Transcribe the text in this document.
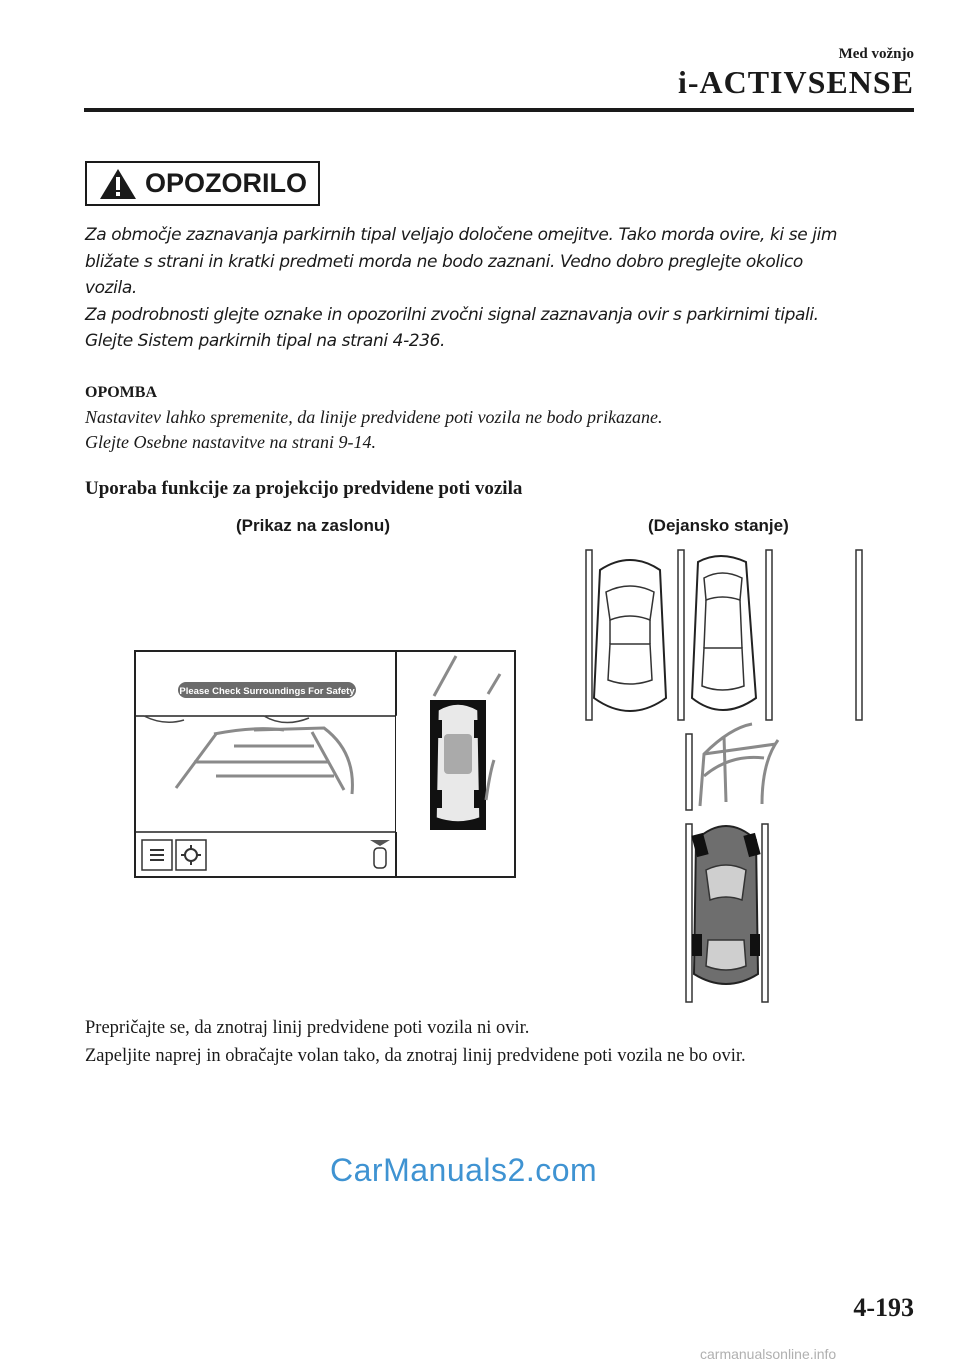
Med vožnjo
i-ACTIVSENSE
OPOZORILO

Za območje zaznavanja parkirnih tipal veljajo določene omejitve. Tako morda ovire, ki se jim

bližate s strani in kratki predmeti morda ne bodo zaznani. Vedno dobro preglejte okolico

vozila.

Za podrobnosti glejte oznake in opozorilni zvočni signal zaznavanja ovir s parkirnimi tipali.

Glejte Sistem parkirnih tipal na strani 4-236.

OPOMBA

Nastavitev lahko spremenite, da linije predvidene poti vozila ne bodo prikazane.

Glejte Osebne nastavitve na strani 9-14.

Uporaba funkcije za projekcijo predvidene poti vozila
(Prikaz na zaslonu)	(Dejansko stanje)
Please Check Surroundings For Safety

Prepričajte se, da znotraj linij predvidene poti vozila ni ovir.

Zapeljite naprej in obračajte volan tako, da znotraj linij predvidene poti vozila ne bo ovir.

CarManuals2.com
4-193
carmanualsonline.info
